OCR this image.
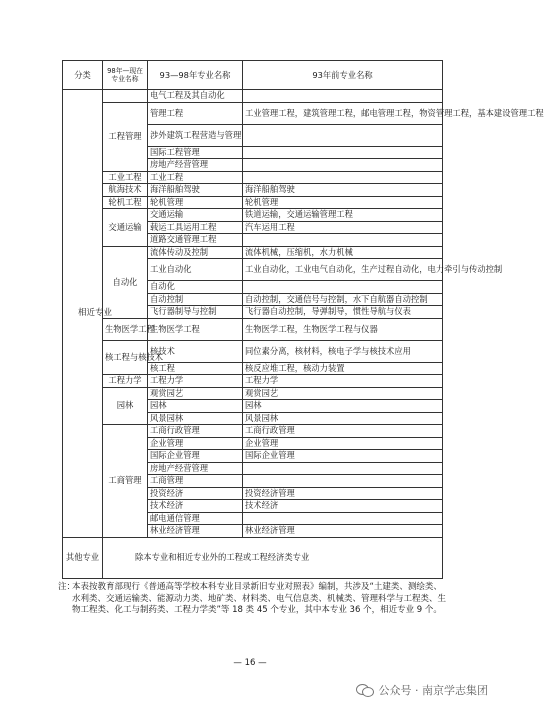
分类	98年—现在专业名称	93—98年专业名称	93年前专业名称
相近专业		电气工程及其自动化	
	工程管理	管理工程	工业管理工程，建筑管理工程，邮电管理工程，物资管理工程，基本建设管理工程
		涉外建筑工程营造与管理	
		国际工程管理	
		房地产经营管理	
	工业工程	工业工程	
	航海技术	海洋船舶驾驶	海洋船舶驾驶
	轮机工程	轮机管理	轮机管理
	交通运输	交通运输	铁道运输，交通运输管理工程
		载运工具运用工程	汽车运用工程
		道路交通管理工程	
	自动化	流体传动及控制	流体机械，压缩机，水力机械
		工业自动化	工业自动化，工业电气自动化，生产过程自动化，电力牵引与传动控制
		自动化	
		自动控制	自动控制，交通信号与控制，水下自航器自动控制
		飞行器制导与控制	飞行器自动控制，导弹制导，惯性导航与仪表
	生物医学工程	生物医学工程	生物医学工程，生物医学工程与仪器
	核工程与核技术	核技术	同位素分离，核材料，核电子学与核技术应用
		核工程	核反应堆工程，核动力装置
	工程力学	工程力学	工程力学
	园林	观赏园艺	观赏园艺
		园林	园林
		风景园林	风景园林
	工商管理	工商行政管理	工商行政管理
		企业管理	企业管理
		国际企业管理	国际企业管理
		房地产经营管理	
		工商管理	
		投资经济	投资经济管理
		技术经济	技术经济
		邮电通信管理	
		林业经济管理	林业经济管理
其他专业	除本专业和相近专业外的工程或工程经济类专业		
注：
本表按教育部现行《普通高等学校本科专业目录新旧专业对照表》编制，共涉及“土建类、测绘类、水利类、交通运输类、能源动力类、地矿类、材料类、电气信息类、机械类、管理科学与工程类、生物工程类、化工与制药类、工程力学类”等 18 类 45 个专业，其中本专业 36 个，相近专业 9 个。
— 16 —
公众号 · 南京学志集团
